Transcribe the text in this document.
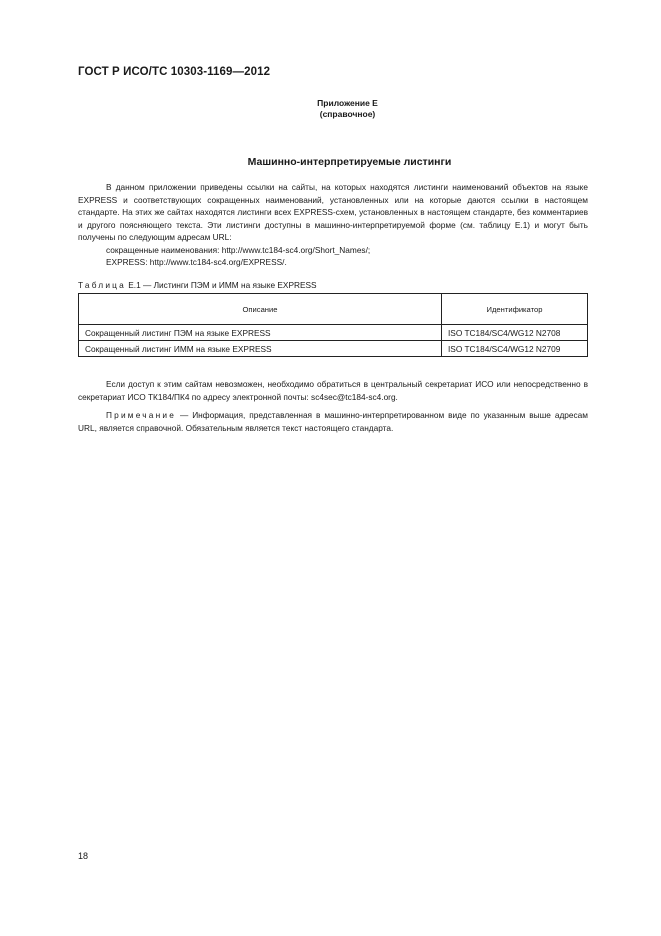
ГОСТ Р ИСО/ТС 10303-1169—2012
Приложение Е
(справочное)
Машинно-интерпретируемые листинги

В данном приложении приведены ссылки на сайты, на которых находятся листинги наименований объектов на языке EXPRESS и соответствующих сокращенных наименований, установленных или на которые даются ссылки в настоящем стандарте. На этих же сайтах находятся листинги всех EXPRESS-схем, установленных в настоящем стандарте, без комментариев и другого поясняющего текста. Эти листинги доступны в машинно-интерпретируемой форме (см. таблицу Е.1) и могут быть получены по следующим адресам URL:

сокращенные наименования: http://www.tc184-sc4.org/Short_Names/;

EXPRESS: http://www.tc184-sc4.org/EXPRESS/.

Таблица Е.1 — Листинги ПЭМ и ИММ на языке EXPRESS
Описание	Идентификатор
Сокращенный листинг ПЭМ на языке EXPRESS	ISO TC184/SC4/WG12 N2708
Сокращенный листинг ИММ на языке EXPRESS	ISO TC184/SC4/WG12 N2709

Если доступ к этим сайтам невозможен, необходимо обратиться в центральный секретариат ИСО или непосредственно в секретариат ИСО ТК184/ПК4 по адресу электронной почты: sc4sec@tc184-sc4.org.

Примечание — Информация, представленная в машинно-интерпретированном виде по указанным выше адресам URL, является справочной. Обязательным является текст настоящего стандарта.

18
